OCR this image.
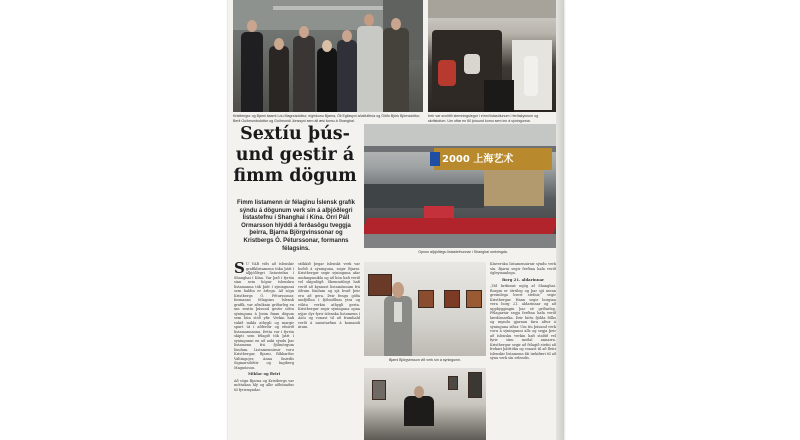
Kristbergur og Bjarni ásamt Lóu Magnúsdóttur, eiginkonu Bjarna, Óli Egilssyni aðalfulltrúa og Ólöfu Björk Björnsdóttur, Berit Guðmundsdóttur og Guðmundi Jónssyni sem áll æsi komu á Shanghai.
Þeir var svolítið stemningslegur í einni listasölunum í ferðakynnum og skrifstofum. Um oftar en 60 þúsund komu sem inn á sýningunna.
Sextíu þús-und gestir á fimm dögum
Fimm listamenn úr félaginu Íslensk grafík sýndu á dögunum verk sín á alþjóðlegri listastefnu í Shanghai í Kína. Orri Páll Ormarsson hlýddi á ferðasögu tveggja þeirra, Bjarna Björgvinssonar og Kristbergs Ó. Péturssonar, formanns félagsins.
2000 上海艺术
Opnun alþjóðlegu listastefnunnar í Shanghai umkringda.
S Ú VAR viðs að íslenskir grafíklistamenn tóku þátt í alþjóðlegri listastefnu í Shanghai í Kína. Var það í fyrsta sinn sem hópur íslenskra listamanna tók þátt í sýningunni sem haldin er árlega. Að sögn Kristbergs Ó. Péturssonar, formanns félagsins Íslensk grafík, var aðsóknin gríðarleg en um sextíu þúsund gestir sóttu sýninguna á þeim fimm dögum sem hún stóð yfir. Verkin hafi vakið mikla athygli og margir spurt út í aðferðir og efnivið listamannanna. Þetta var í fyrsta skipti sem félagið tók þátt í sýningunni en að auki sýndu þar listamenn frá fjölmörgum löndum. Listamennirnir voru Kristbergur, Bjarni, Ríkharður Valtingojer, Anna Snædís Sigmarsdóttir og Ingiberg Magnússon.
Miklar og fleiri
Að sögn Bjarna og Kristbergs var móttakan hlý og allir aðbúnaður til fyrirmyndar.
stökkið þegar íslenskt verk var boðið á sýninguna, segir Bjarni. Kristbergur segir sýninguna afar umfangsmikla og að hún hafi verið vel skipulögð. Skemmtilegt hafi verið að kynnast listamönnum frá öðrum löndum og sjá hvað þeir eru að gera. Þeir fengu góða umfjöllun í fjölmiðlum ytra og vöktu verkin athygli gesta. Kristbergur segir sýninguna opna nýjar dyr fyrir íslenska listamenn í Asíu og vonast til að framhald verði á samstarfinu á komandi árum.
Bjarni Björgvinsson við verk sín á sýningunni.
Kínversku listamennirnir sýndu verk sín. Bjarni segir ferðina hafa verið ógleymanlega.
Borg 21. aldarinnar
„Við hrifumst mjög af Shanghai. Borgin er ótrúleg og þar sjá menn greinilega hvert stefnir,“ segir Kristbergur. Hann segir borgina vera borg 21. aldarinnar og að uppbyggingin þar sé gríðarleg. Félagarnir segja ferðina hafa verið lærdómsríka. Þeir hittu fjölda fólks og myndu gjarnan fara aftur á sýninguna síðar. Um tíu þúsund verk voru á sýningunni alls og segja þeir að íslensku verkin hafi staðið vel fyrir sínu meðal annarra. Kristbergur segir að félagið stefni að frekari þátttöku og vonast til að fleiri íslenskir listamenn fái tækifæri til að sýna verk sín erlendis.
